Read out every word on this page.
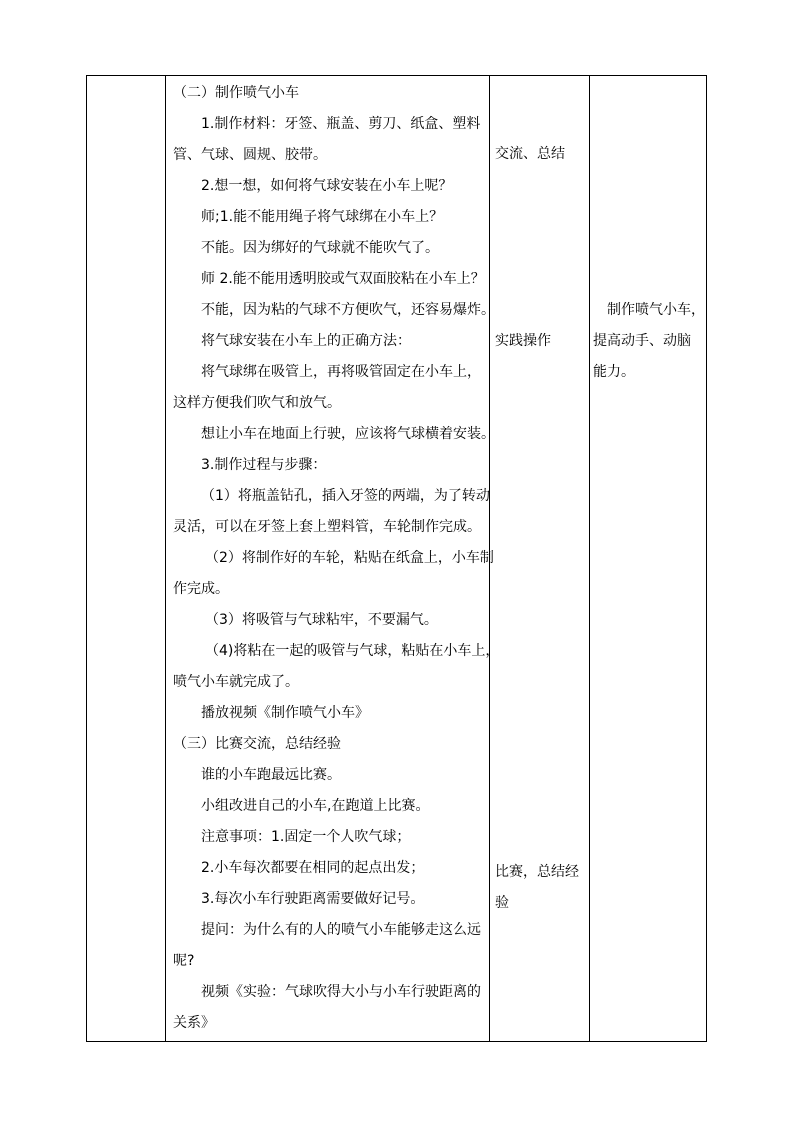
（二）制作喷气小车
1.制作材料：牙签、瓶盖、剪刀、纸盒、塑料
管、气球、圆规、胶带。
2.想一想，如何将气球安装在小车上呢？
师;1.能不能用绳子将气球绑在小车上？
不能。因为绑好的气球就不能吹气了。
师 2.能不能用透明胶或气双面胶粘在小车上？
不能，因为粘的气球不方便吹气，还容易爆炸。
将气球安装在小车上的正确方法：
将气球绑在吸管上，再将吸管固定在小车上，
这样方便我们吹气和放气。
想让小车在地面上行驶，应该将气球横着安装。
3.制作过程与步骤：
（1）将瓶盖钻孔，插入牙签的两端，为了转动
灵活，可以在牙签上套上塑料管，车轮制作完成。
（2）将制作好的车轮，粘贴在纸盒上，小车制
作完成。
（3）将吸管与气球粘牢，不要漏气。
（4)将粘在一起的吸管与气球，粘贴在小车上，
喷气小车就完成了。
播放视频《制作喷气小车》
（三）比赛交流，总结经验
谁的小车跑最远比赛。
小组改进自己的小车,在跑道上比赛。
注意事项：1.固定一个人吹气球；
2.小车每次都要在相同的起点出发；
3.每次小车行驶距离需要做好记号。
提问：为什么有的人的喷气小车能够走这么远
呢?
视频《实验：气球吹得大小与小车行驶距离的
关系》
交流、总结
实践操作
比赛，总结经
验
　制作喷气小车，
提高动手、动脑
能力。
